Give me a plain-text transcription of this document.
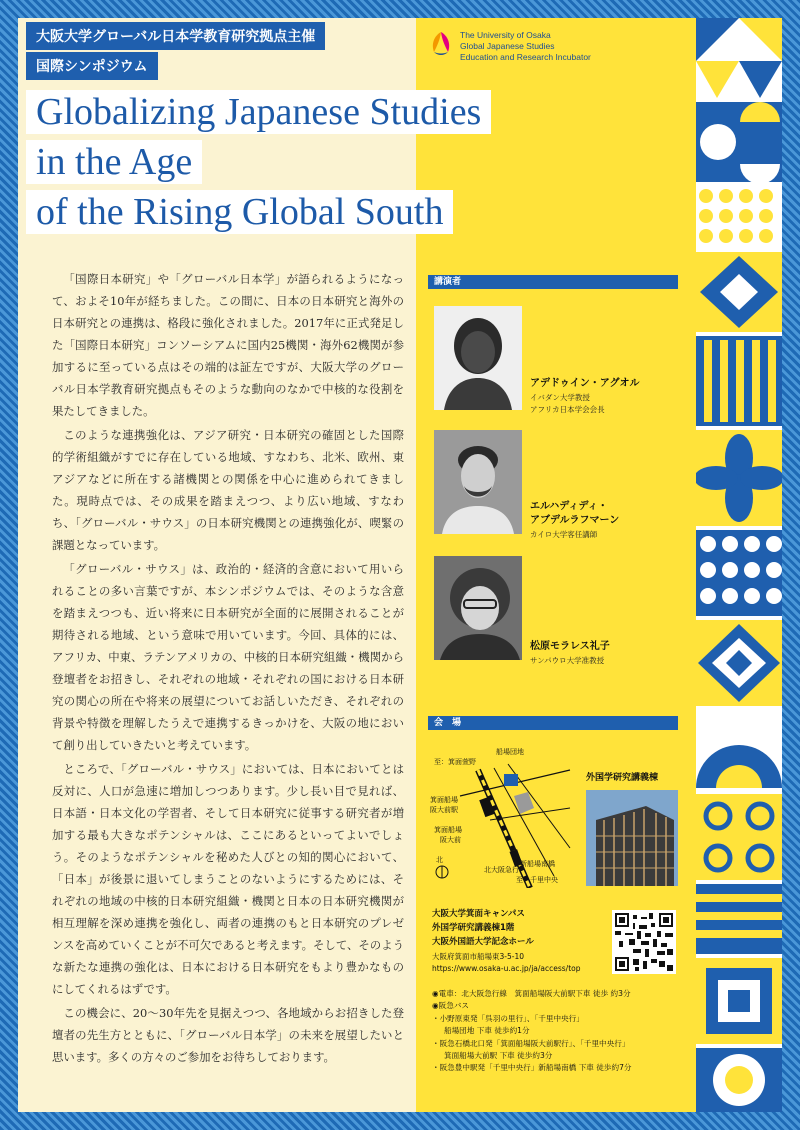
大阪大学グローバル日本学教育研究拠点主催
国際シンポジウム
Globalizing Japanese Studies
in the Age
of the Rising Global South
The University of Osaka
Global Japanese Studies
Education and Research Incubator

「国際日本研究」や「グローバル日本学」が語られるようになって、およそ10年が経ちました。この間に、日本の日本研究と海外の日本研究との連携は、格段に強化されました。2017年に正式発足した「国際日本研究」コンソーシアムに国内25機関・海外62機関が参加するに至っている点はその端的は証左ですが、大阪大学のグローバル日本学教育研究拠点もそのような動向のなかで中核的な役割を果たしてきました。

このような連携強化は、アジア研究・日本研究の確固とした国際的学術組織がすでに存在している地域、すなわち、北米、欧州、東アジアなどに所在する諸機関との関係を中心に進められてきました。現時点では、その成果を踏まえつつ、より広い地域、すなわち、「グローバル・サウス」の日本研究機関との連携強化が、喫緊の課題となっています。

「グローバル・サウス」は、政治的・経済的含意において用いられることの多い言葉ですが、本シンポジウムでは、そのような含意を踏まえつつも、近い将来に日本研究が全面的に展開されることが期待される地域、という意味で用いています。今回、具体的には、アフリカ、中東、ラテンアメリカの、中核的日本研究組織・機関から登壇者をお招きし、それぞれの地域・それぞれの国における日本研究の関心の所在や将来の展望についてお話しいただき、それぞれの背景や特徴を理解したうえで連携するきっかけを、大阪の地において創り出していきたいと考えています。

ところで、「グローバル・サウス」においては、日本においてとは反対に、人口が急速に増加しつつあります。少し長い目で見れば、日本語・日本文化の学習者、そして日本研究に従事する研究者が増加する最も大きなポテンシャルは、ここにあるといってよいでしょう。そのようなポテンシャルを秘めた人びとの知的関心において、「日本」が後景に退いてしまうことのないようにするためには、それぞれの地域の中核的日本研究組織・機関と日本の日本研究機関が相互理解を深め連携を強化し、両者の連携のもと日本研究のプレゼンスを高めていくことが不可欠であると考えます。そして、そのような新たな連携の強化は、日本における日本研究をもより豊かなものにしてくれるはずです。

この機会に、20～30年先を見据えつつ、各地域からお招きした登壇者の先生方とともに、「グローバル日本学」の未来を展望したいと思います。多くの方々のご参加をお待ちしております。

講演者
アデドゥイン・アグオル
イバダン大学教授
アフリカ日本学会会長
エルハディディ・
アブデルラフマーン
カイロ大学客任講師
松原モラレス礼子
サンパウロ大学准教授
会　場
至：箕面萱野
船場団地
箕面船場
阪大前駅
箕面船場
阪大前
北	新船場南橋
北大阪急行
至：千里中央
外国学研究講義棟
大阪大学箕面キャンパス
外国学研究講義棟1階
大阪外国語大学記念ホール
大阪府箕面市船場東3-5-10
https://www.osaka-u.ac.jp/ja/access/top
◉電車：北大阪急行線　箕面船場阪大前駅下車 徒歩 約3分
◉阪急バス
・小野原東発「呉羽の里行」、「千里中央行」
船場団地 下車 徒歩約1分
・阪急石橋北口発「箕面船場阪大前駅行」、「千里中央行」
箕面船場大前駅 下車 徒歩約3分
・阪急豊中駅発「千里中央行」新船場南橋 下車 徒歩約7分
